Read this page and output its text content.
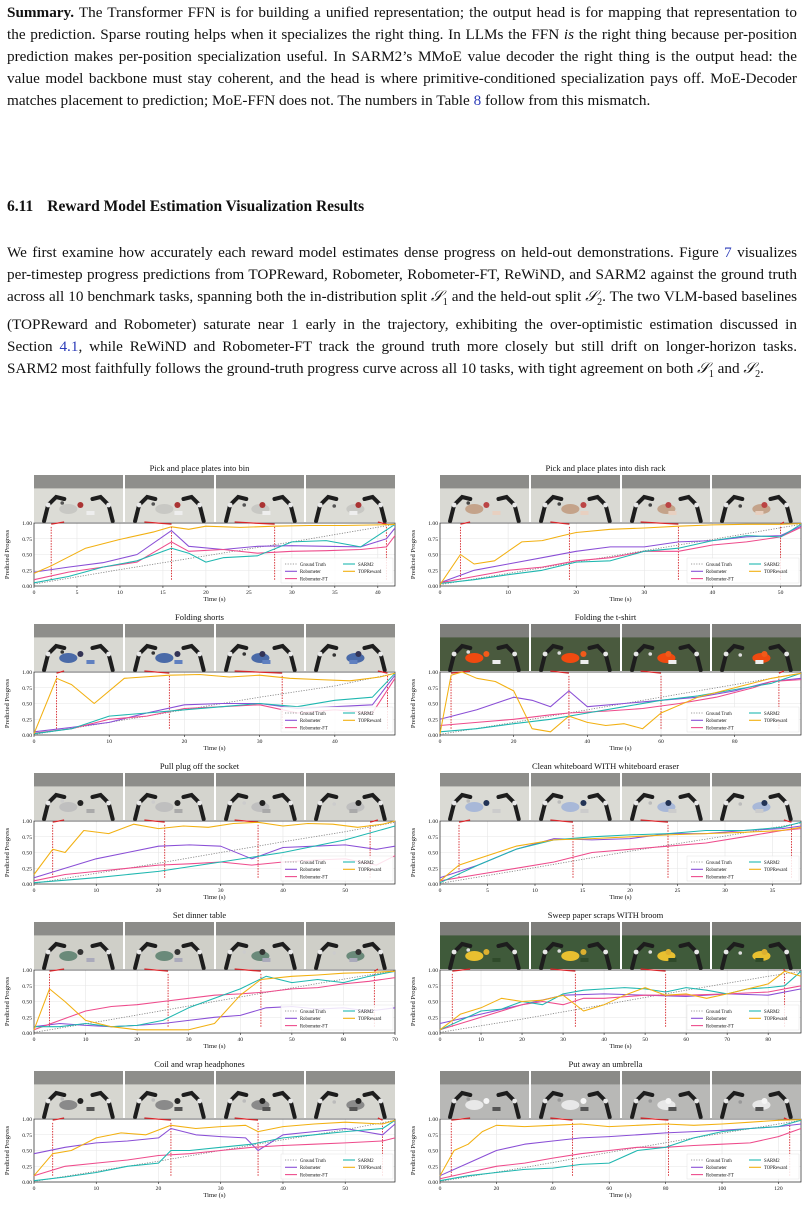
Summary. The Transformer FFN is for building a unified representation; the output head is for mapping that representation to the prediction. Sparse routing helps when it specializes the right thing. In LLMs the FFN is the right thing because per-position prediction makes per-position specialization useful. In SARM2’s MMoE value decoder the right thing is the output head: the value model backbone must stay coherent, and the head is where primitive-conditioned specialization pays off. MoE-Decoder matches placement to prediction; MoE-FFN does not. The numbers in Table 8 follow from this mismatch.
6.11 Reward Model Estimation Visualization Results
We first examine how accurately each reward model estimates dense progress on held-out demonstrations. Figure 7 visualizes per-timestep progress predictions from TOPReward, Robometer, Robometer-FT, ReWiND, and SARM2 against the ground truth across all 10 benchmark tasks, spanning both the in-distribution split 𝒮$_1$ and the held-out split 𝒮$_2$. The two VLM-based baselines (TOPReward and Robometer) saturate near 1 early in the trajectory, exhibiting the over-optimistic estimation discussed in Section 4.1, while ReWiND and Robometer-FT track the ground truth more closely but still drift on longer-horizon tasks. SARM2 most faithfully follows the ground-truth progress curve across all 10 tasks, with tight agreement on both 𝒮$_1$ and 𝒮$_2$.
Pick and place plates into bin
0.00
0.25
0.50
0.75
1.00
0	5	10	15	20	25	30	35	40
Predicted Progress
Time (s)
Ground Truth	SARM2
Robometer	TOPReward
Robometer-FT
Pick and place plates into dish rack
0.00
0.25
0.50
0.75
1.00
0	10	20	30	40	50
Predicted Progress
Time (s)
Ground Truth	SARM2
Robometer	TOPReward
Robometer-FT
Folding shorts
0.00
0.25
0.50
0.75
1.00
0	10	20	30	40
Predicted Progress
Time (s)
Ground Truth	SARM2
Robometer	TOPReward
Robometer-FT
Folding the t-shirt
0.00
0.25
0.50
0.75
1.00
0	20	40	60	80
Predicted Progress
Time (s)
Ground Truth	SARM2
Robometer	TOPReward
Robometer-FT
Pull plug off the socket
0.00
0.25
0.50
0.75
1.00
0	10	20	30	40	50
Predicted Progress
Time (s)
Ground Truth	SARM2
Robometer	TOPReward
Robometer-FT
Clean whiteboard WITH whiteboard eraser
0.00
0.25
0.50
0.75
1.00
0	5	10	15	20	25	30	35
Predicted Progress
Time (s)
Ground Truth	SARM2
Robometer	TOPReward
Robometer-FT
Set dinner table
0.00
0.25
0.50
0.75
1.00
0	10	20	30	40	50	60	70
Predicted Progress
Time (s)
Ground Truth	SARM2
Robometer	TOPReward
Robometer-FT
Sweep paper scraps WITH broom
0.00
0.25
0.50
0.75
1.00
0	10	20	30	40	50	60	70	80
Predicted Progress
Time (s)
Ground Truth	SARM2
Robometer	TOPReward
Robometer-FT
Coil and wrap headphones
0.00
0.25
0.50
0.75
1.00
0	10	20	30	40	50
Predicted Progress
Time (s)
Ground Truth	SARM2
Robometer	TOPReward
Robometer-FT
Put away an umbrella
0.00
0.25
0.50
0.75
1.00
0	20	40	60	80	100	120
Predicted Progress
Time (s)
Ground Truth	SARM2
Robometer	TOPReward
Robometer-FT
